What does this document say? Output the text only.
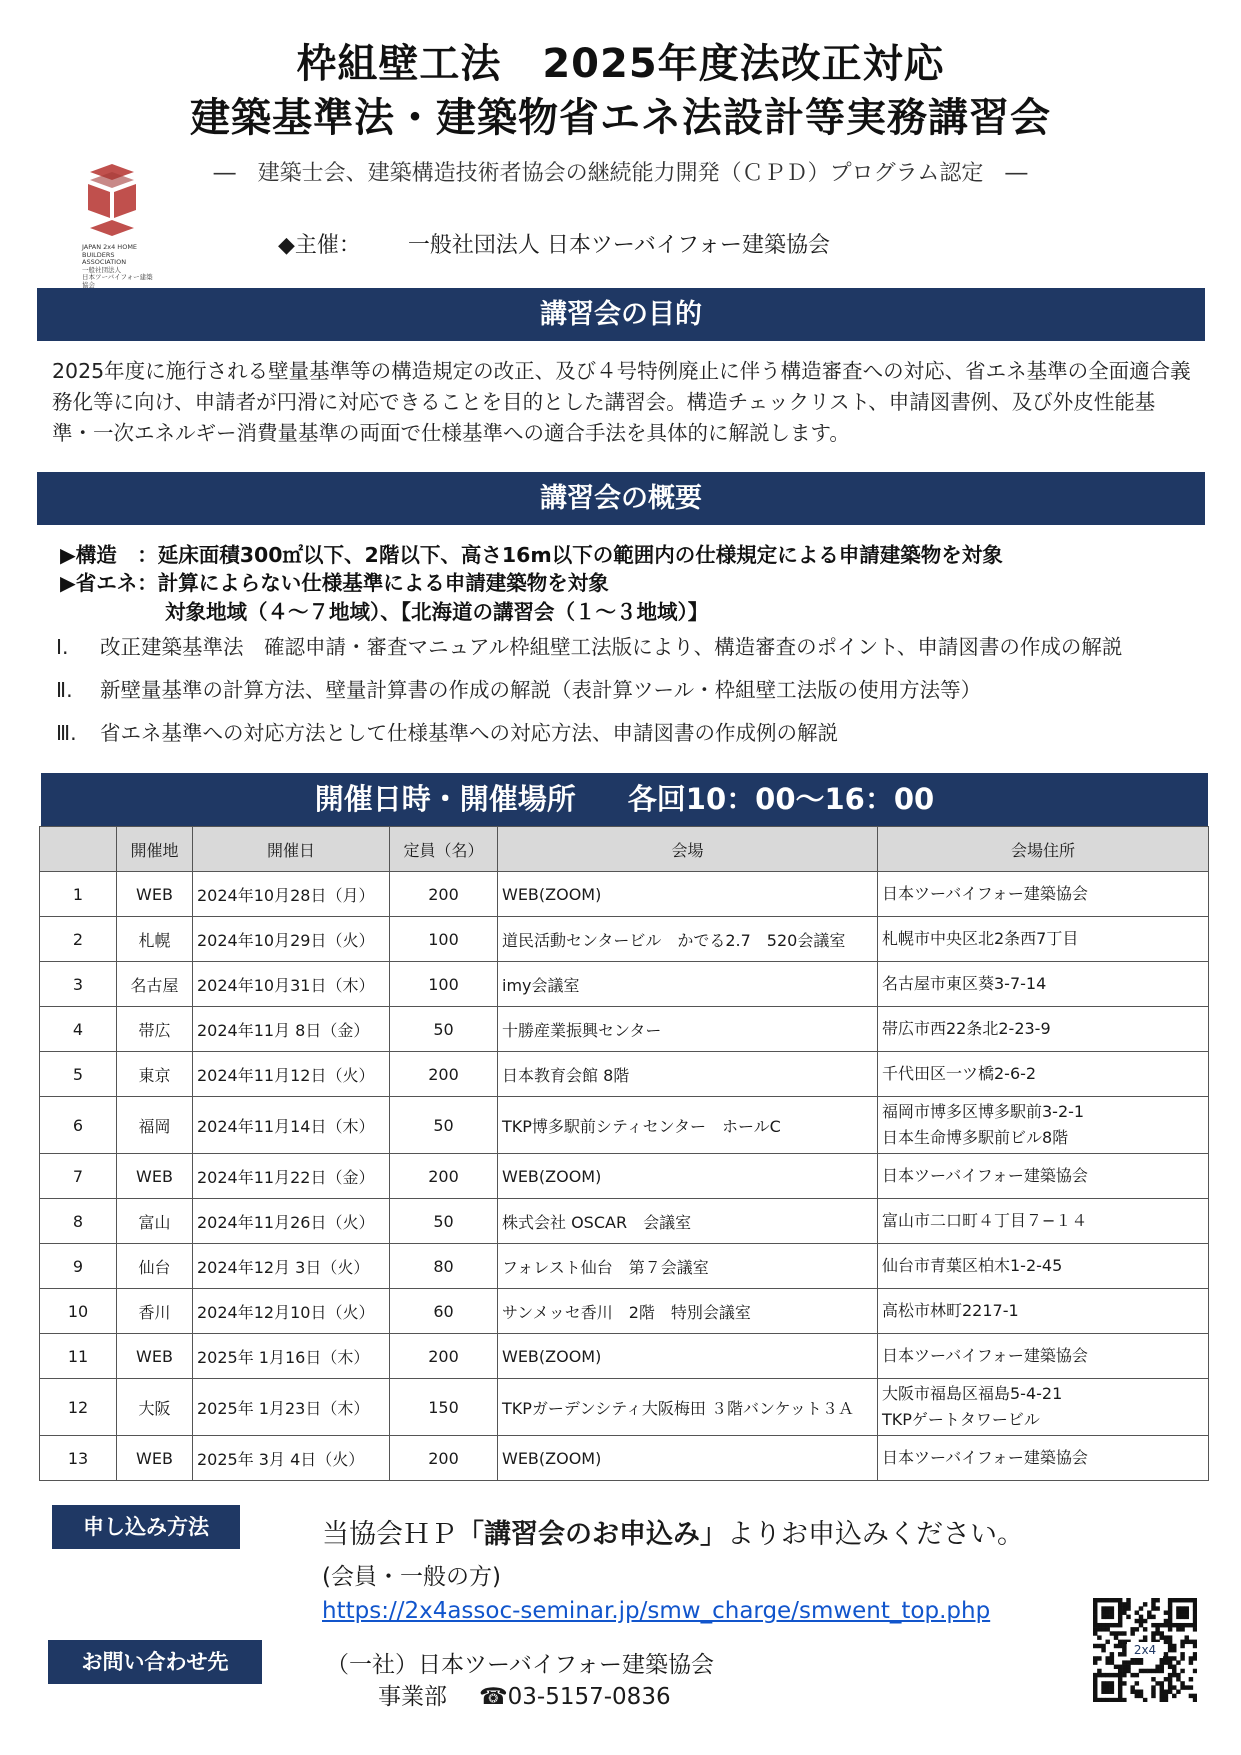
枠組壁工法　2025年度法改正対応
建築基準法・建築物省エネ法設計等実務講習会
―　建築士会、建築構造技術者協会の継続能力開発（ＣＰＤ）プログラム認定　―
JAPAN 2x4 HOME
BUILDERS
ASSOCIATION
一般社団法人
日本ツーバイフォー建築協会
◆主催： 一般社団法人 日本ツーバイフォー建築協会
講習会の目的
2025年度に施行される壁量基準等の構造規定の改正、及び４号特例廃止に伴う構造審査への対応、省エネ基準の全面適合義務化等に向け、申請者が円滑に対応できることを目的とした講習会。構造チェックリスト、申請図書例、及び外皮性能基準・一次エネルギー消費量基準の両面で仕様基準への適合手法を具体的に解説します。
講習会の概要
▶構造　：延床面積300㎡以下、2階以下、高さ16m以下の範囲内の仕様規定による申請建築物を対象
▶省エネ：計算によらない仕様基準による申請建築物を対象
対象地域（４～７地域）、【北海道の講習会（１～３地域）】
Ⅰ. 改正建築基準法　確認申請・審査マニュアル枠組壁工法版により、構造審査のポイント、申請図書の作成の解説
Ⅱ. 新壁量基準の計算方法、壁量計算書の作成の解説（表計算ツール・枠組壁工法版の使用方法等）
Ⅲ. 省エネ基準への対応方法として仕様基準への対応方法、申請図書の作成例の解説
開催日時・開催場所 各回10：00～16：00
	開催地	開催日	定員（名）	会場	会場住所
1	WEB	2024年10月28日（月）	200	WEB(ZOOM)	日本ツーバイフォー建築協会
2	札幌	2024年10月29日（火）	100	道民活動センタービル　かでる2.7　520会議室	札幌市中央区北2条西7丁目
3	名古屋	2024年10月31日（木）	100	imy会議室	名古屋市東区葵3-7-14
4	帯広	2024年11月 8日（金）	50	十勝産業振興センター	帯広市西22条北2-23-9
5	東京	2024年11月12日（火）	200	日本教育会館 8階	千代田区一ツ橋2-6-2
6	福岡	2024年11月14日（木）	50	TKP博多駅前シティセンター　ホールC	福岡市博多区博多駅前3-2-1
日本生命博多駅前ビル8階
7	WEB	2024年11月22日（金）	200	WEB(ZOOM)	日本ツーバイフォー建築協会
8	富山	2024年11月26日（火）	50	株式会社 OSCAR　会議室	富山市二口町４丁目７−１４
9	仙台	2024年12月 3日（火）	80	フォレスト仙台　第７会議室	仙台市青葉区柏木1-2-45
10	香川	2024年12月10日（火）	60	サンメッセ香川　2階　特別会議室	高松市林町2217-1
11	WEB	2025年 1月16日（木）	200	WEB(ZOOM)	日本ツーバイフォー建築協会
12	大阪	2025年 1月23日（木）	150	TKPガーデンシティ大阪梅田 ３階バンケット３Ａ	大阪市福島区福島5-4-21
TKPゲートタワービル
13	WEB	2025年 3月 4日（火）	200	WEB(ZOOM)	日本ツーバイフォー建築協会
申し込み方法	当協会ＨＰ「講習会のお申込み」よりお申込みください。
(会員・一般の方)
https://2x4assoc-seminar.jp/smw_charge/smwent_top.php
お問い合わせ先	（一社）日本ツーバイフォー建築協会
事業部 ☎03-5157-0836
2x4
